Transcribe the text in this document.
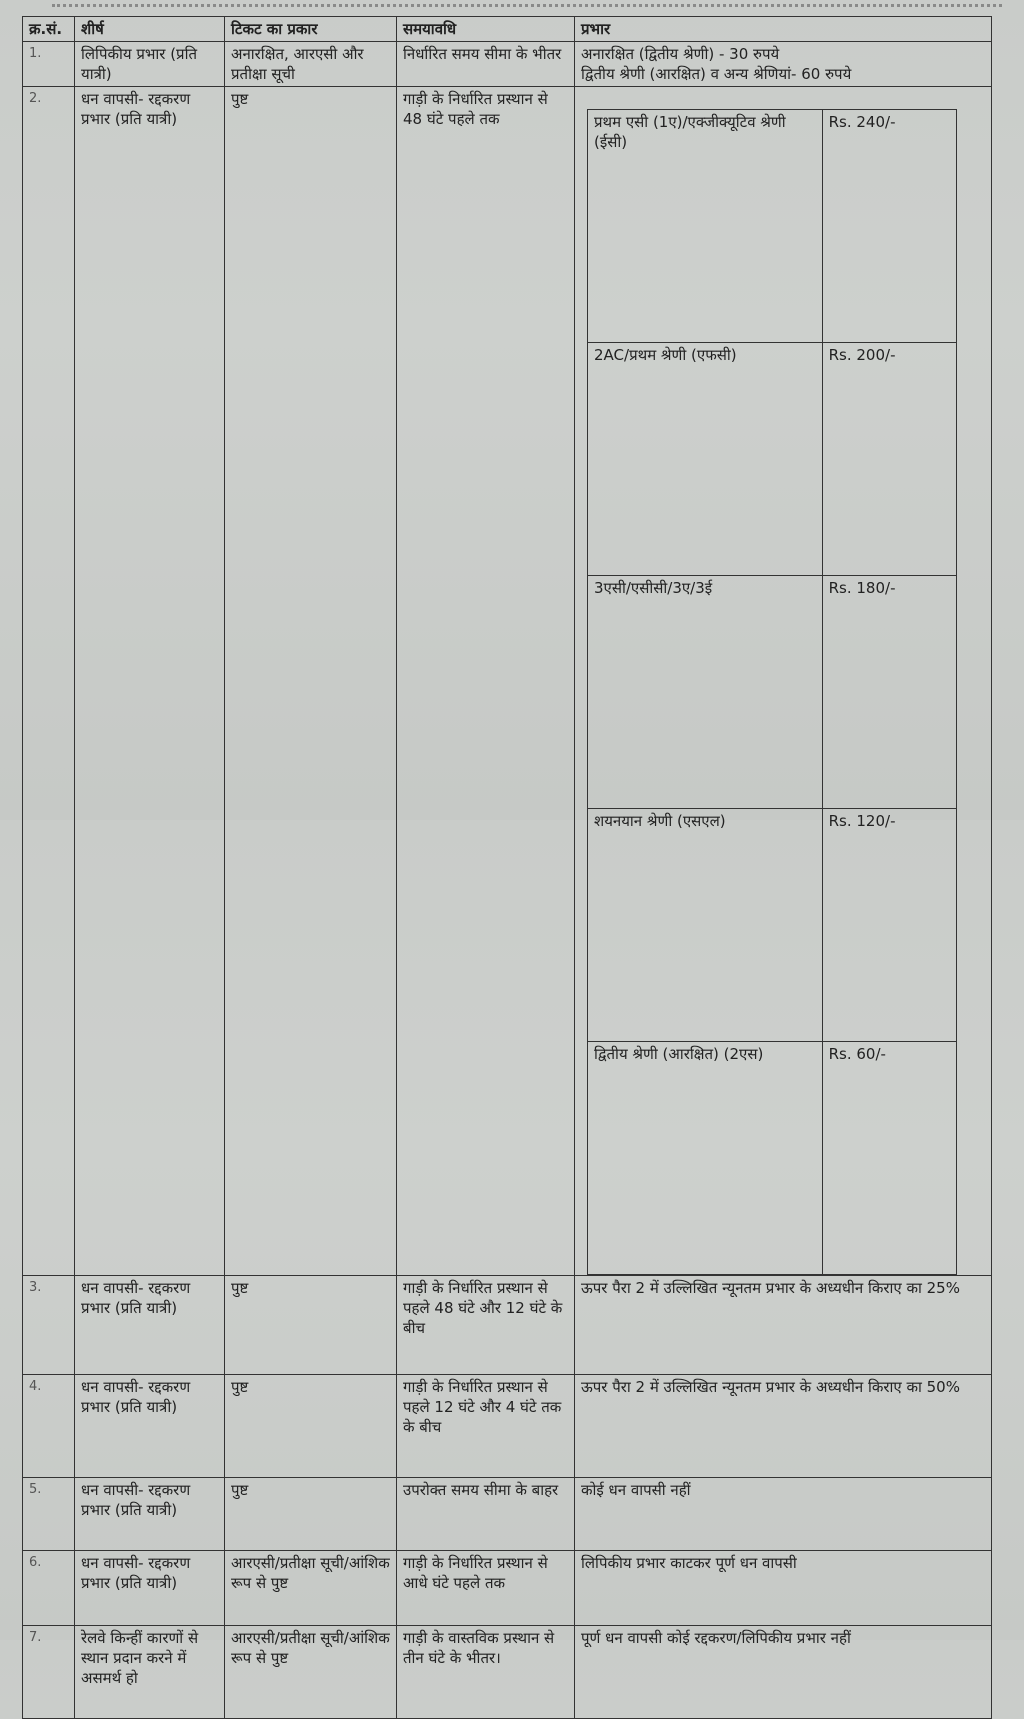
क्र.सं.	शीर्ष	टिकट का प्रकार	समयावधि	प्रभार
1.	लिपिकीय प्रभार (प्रति यात्री)	अनारक्षित, आरएसी और प्रतीक्षा सूची	निर्धारित समय सीमा के भीतर	अनारक्षित (द्वितीय श्रेणी) - 30 रुपये
द्वितीय श्रेणी (आरक्षित) व अन्य श्रेणियां- 60 रुपये

2.	धन वापसी- रद्दकरण प्रभार (प्रति यात्री)	पुष्ट	गाड़ी के निर्धारित प्रस्थान से 48 घंटे पहले तक		प्रथम एसी (1ए)/एक्जीक्यूटिव श्रेणी (ईसी)	Rs. 240/-
2AC/प्रथम श्रेणी (एफसी)	Rs. 200/-
3एसी/एसीसी/3ए/3ई	Rs. 180/-
शयनयान श्रेणी (एसएल)	Rs. 120/-
द्वितीय श्रेणी (आरक्षित) (2एस)	Rs. 60/-

3.	धन वापसी- रद्दकरण प्रभार (प्रति यात्री)	पुष्ट	गाड़ी के निर्धारित प्रस्थान से पहले 48 घंटे और 12 घंटे के बीच	ऊपर पैरा 2 में उल्लिखित न्यूनतम प्रभार के अध्यधीन किराए का 25%
4.	धन वापसी- रद्दकरण प्रभार (प्रति यात्री)	पुष्ट	गाड़ी के निर्धारित प्रस्थान से पहले 12 घंटे और 4 घंटे तक के बीच	ऊपर पैरा 2 में उल्लिखित न्यूनतम प्रभार के अध्यधीन किराए का 50%
5.	धन वापसी- रद्दकरण प्रभार (प्रति यात्री)	पुष्ट	उपरोक्त समय सीमा के बाहर	कोई धन वापसी नहीं
6.	धन वापसी- रद्दकरण प्रभार (प्रति यात्री)	आरएसी/प्रतीक्षा सूची/आंशिक रूप से पुष्ट	गाड़ी के निर्धारित प्रस्थान से आधे घंटे पहले तक	लिपिकीय प्रभार काटकर पूर्ण धन वापसी
7.	रेलवे किन्हीं कारणों से स्थान प्रदान करने में असमर्थ हो	आरएसी/प्रतीक्षा सूची/आंशिक रूप से पुष्ट	गाड़ी के वास्तविक प्रस्थान से तीन घंटे के भीतर।	पूर्ण धन वापसी कोई रद्दकरण/लिपिकीय प्रभार नहीं
